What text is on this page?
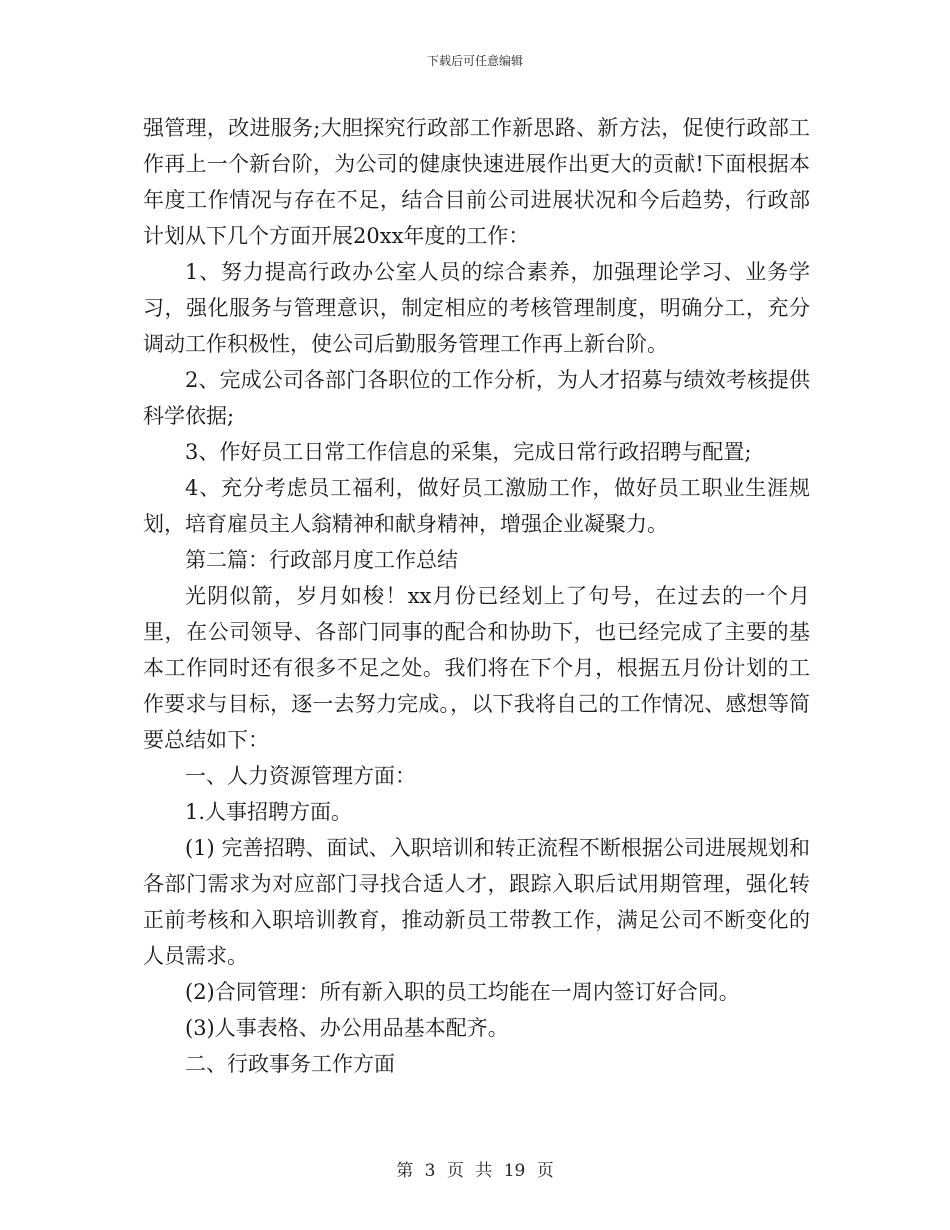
下载后可任意编辑

强管理，改进服务;大胆探究行政部工作新思路、新方法，促使行政部工作再上一个新台阶，为公司的健康快速进展作出更大的贡献!下面根据本年度工作情况与存在不足，结合目前公司进展状况和今后趋势，行政部计划从下几个方面开展20xx年度的工作：

1、努力提高行政办公室人员的综合素养，加强理论学习、业务学习，强化服务与管理意识，制定相应的考核管理制度，明确分工，充分调动工作积极性，使公司后勤服务管理工作再上新台阶。

2、完成公司各部门各职位的工作分析，为人才招募与绩效考核提供科学依据;

3、作好员工日常工作信息的采集，完成日常行政招聘与配置;

4、充分考虑员工福利，做好员工激励工作，做好员工职业生涯规划，培育雇员主人翁精神和献身精神，增强企业凝聚力。

第二篇：行政部月度工作总结

光阴似箭，岁月如梭！xx月份已经划上了句号，在过去的一个月里，在公司领导、各部门同事的配合和协助下，也已经完成了主要的基本工作同时还有很多不足之处。我们将在下个月，根据五月份计划的工作要求与目标，逐一去努力完成。，以下我将自己的工作情况、感想等简要总结如下：

一、人力资源管理方面：

1.人事招聘方面。

(1) 完善招聘、面试、入职培训和转正流程不断根据公司进展规划和各部门需求为对应部门寻找合适人才，跟踪入职后试用期管理，强化转正前考核和入职培训教育，推动新员工带教工作，满足公司不断变化的人员需求。

(2)合同管理：所有新入职的员工均能在一周内签订好合同。

(3)人事表格、办公用品基本配齐。

二、行政事务工作方面

第 3 页 共 19 页
